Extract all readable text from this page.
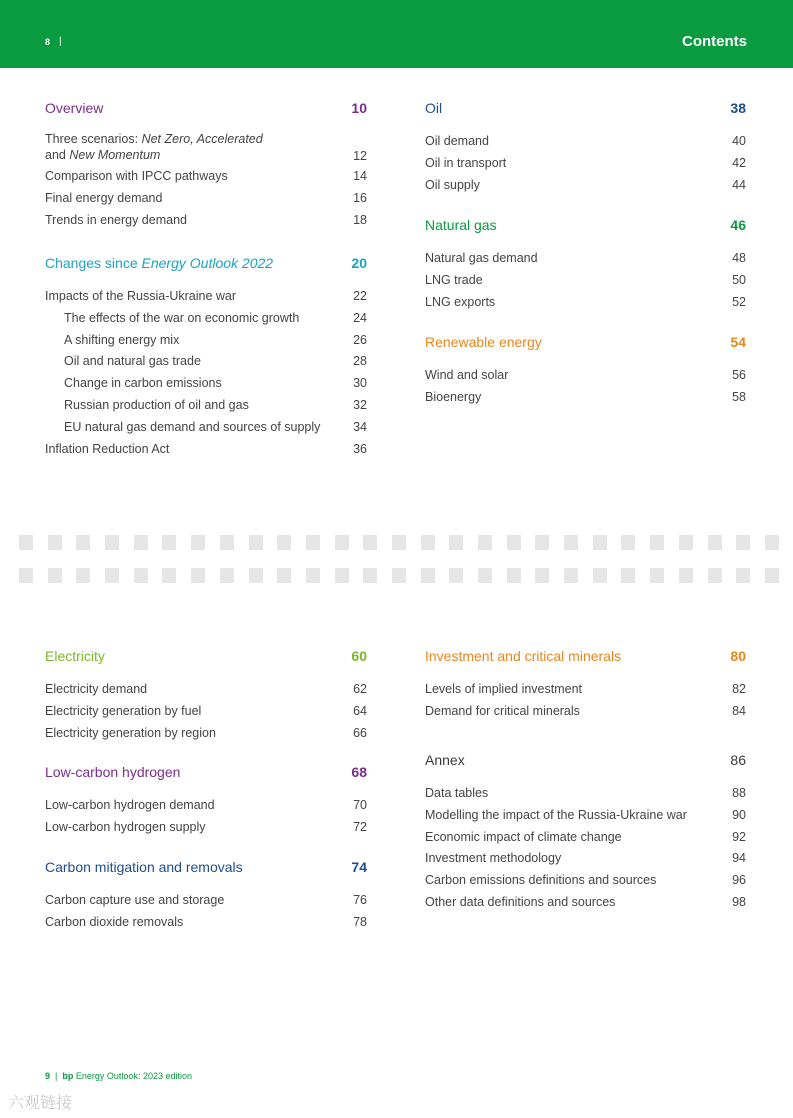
8 |	Contents
Overview	10
Three scenarios: Net Zero, Accelerated
and New Momentum	12
Comparison with IPCC pathways	14
Final energy demand	16
Trends in energy demand	18
Changes since Energy Outlook 2022	20
Impacts of the Russia-Ukraine war	22
The effects of the war on economic growth	24
A shifting energy mix	26
Oil and natural gas trade	28
Change in carbon emissions	30
Russian production of oil and gas	32
EU natural gas demand and sources of supply	34
Inflation Reduction Act	36
Oil	38
Oil demand	40
Oil in transport	42
Oil supply	44
Natural gas	46
Natural gas demand	48
LNG trade	50
LNG exports	52
Renewable energy	54
Wind and solar	56
Bioenergy	58
Electricity	60
Electricity demand	62
Electricity generation by fuel	64
Electricity generation by region	66
Low-carbon hydrogen	68
Low-carbon hydrogen demand	70
Low-carbon hydrogen supply	72
Carbon mitigation and removals	74
Carbon capture use and storage	76
Carbon dioxide removals	78
Investment and critical minerals	80
Levels of implied investment	82
Demand for critical minerals	84
Annex	86
Data tables	88
Modelling the impact of the Russia-Ukraine war	90
Economic impact of climate change	92
Investment methodology	94
Carbon emissions definitions and sources	96
Other data definitions and sources	98
9 | bp Energy Outlook: 2023 edition
六观链接
